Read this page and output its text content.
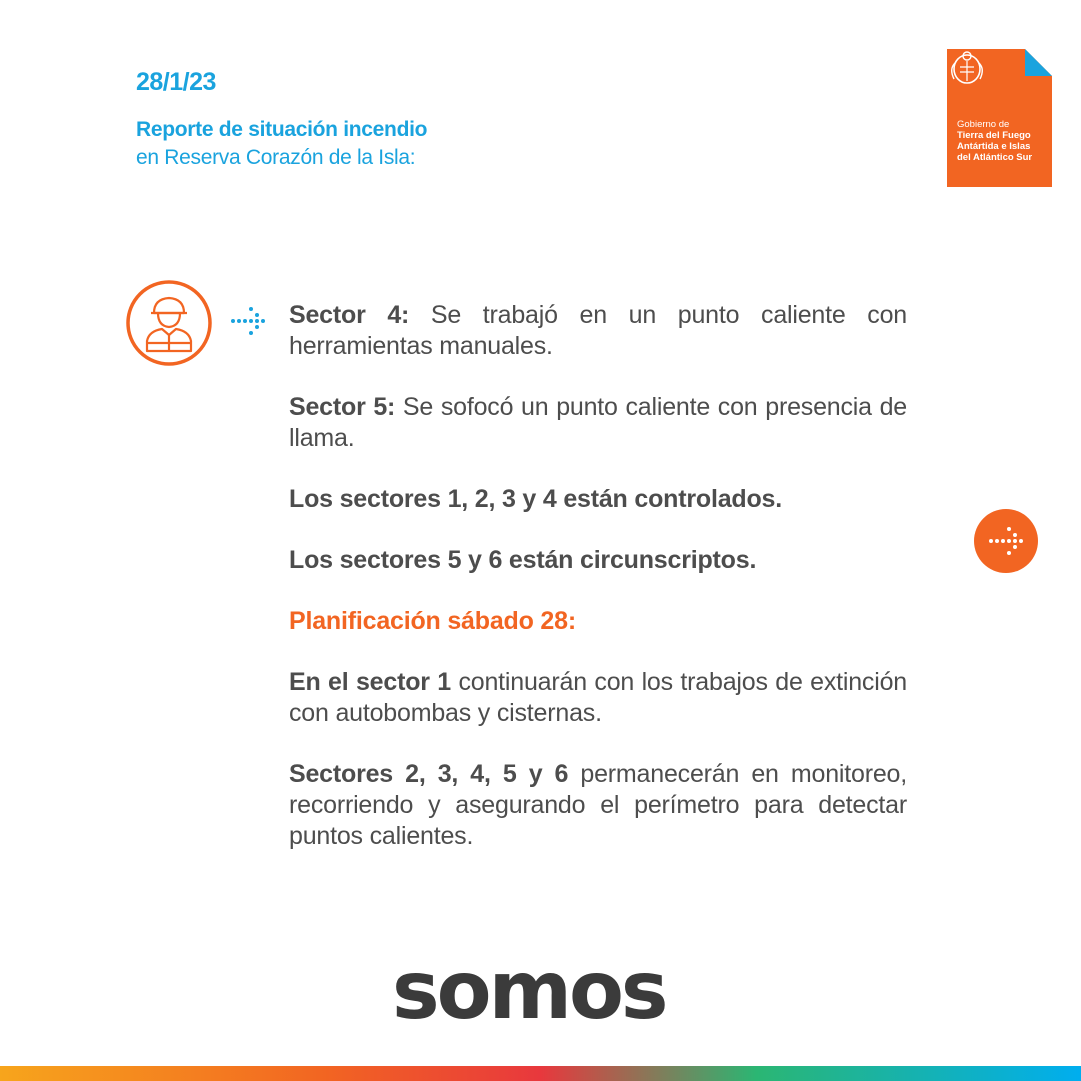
28/1/23
Reporte de situación incendio
en Reserva Corazón de la Isla:
Gobierno de
Tierra del Fuego
Antártida e Islas
del Atlántico Sur

Sector 4: Se trabajó en un punto caliente con herramientas manuales.

Sector 5: Se sofocó un punto caliente con presencia de llama.

Los sectores 1, 2, 3 y 4 están controlados.

Los sectores 5 y 6 están circunscriptos.

Planificación sábado 28:

En el sector 1 continuarán con los trabajos de extinción con autobombas y cisternas.

Sectores 2, 3, 4, 5 y 6 permanecerán en monitoreo, recorriendo y asegurando el perímetro para detectar puntos calientes.

somos
